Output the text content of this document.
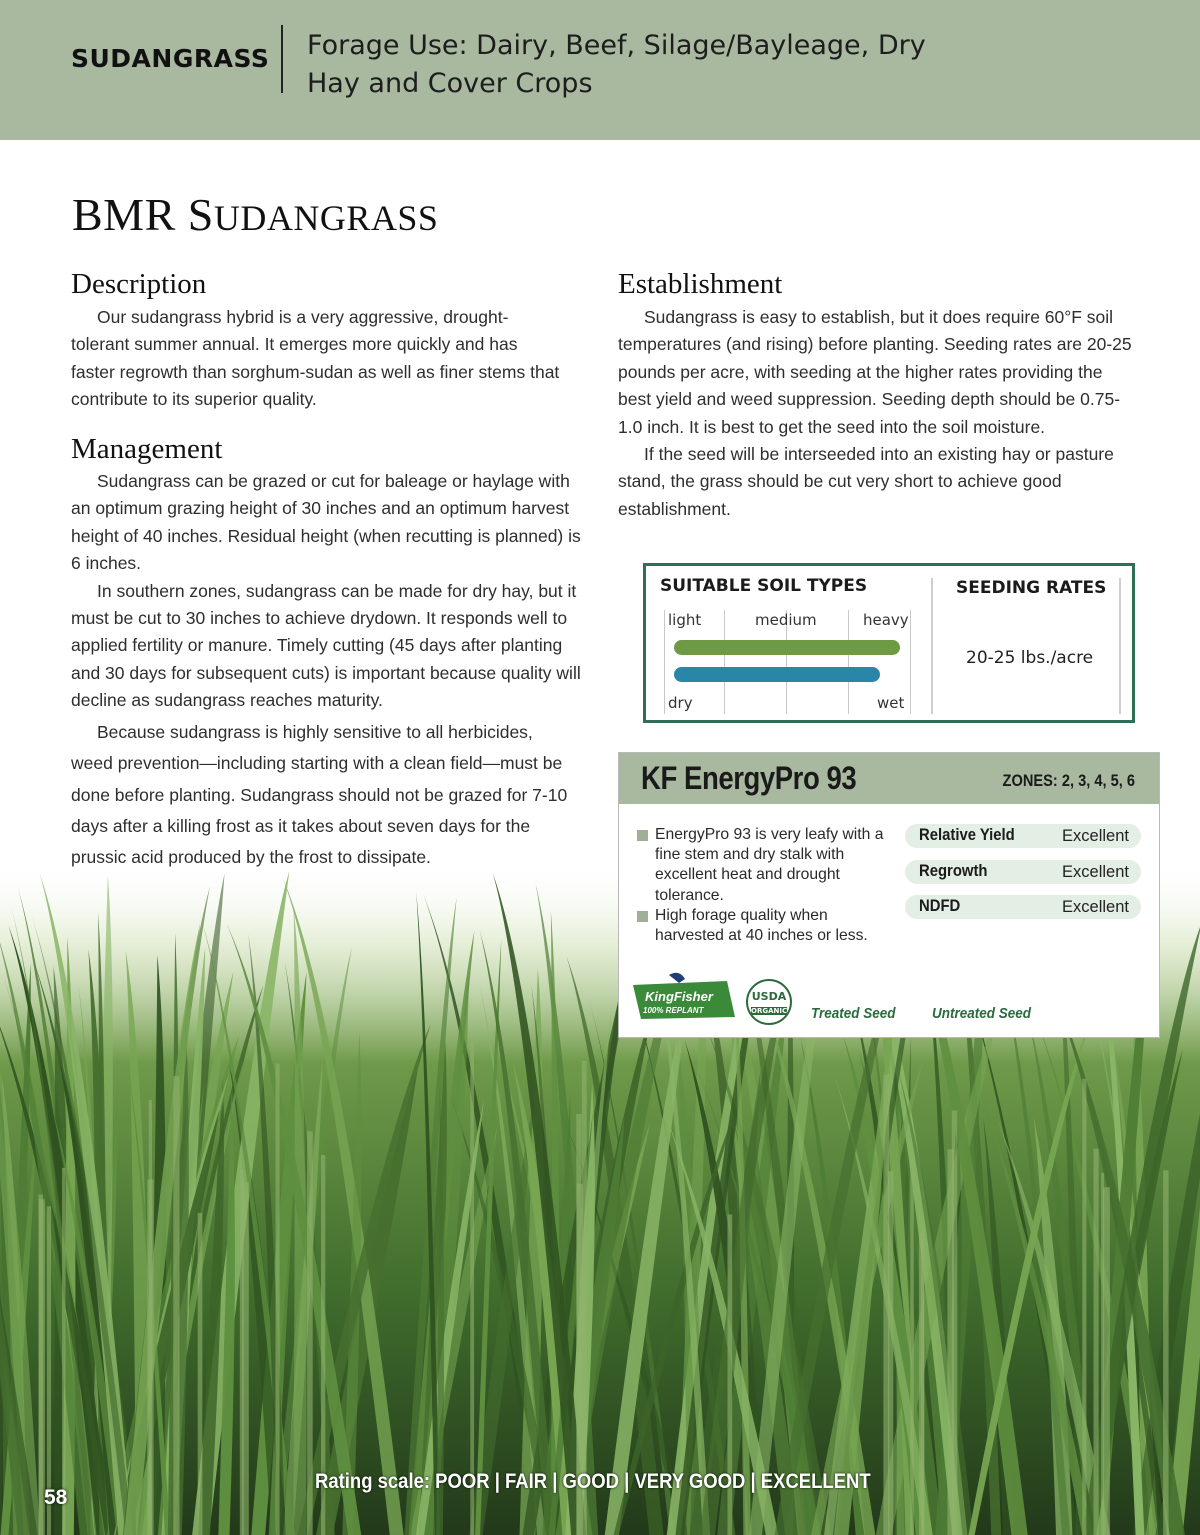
SUDANGRASS Forage Use: Dairy, Beef, Silage/Bayleage, Dry Hay and Cover Crops
BMR SUDANGRASS
Description

Our sudangrass hybrid is a very aggressive, drought-tolerant summer annual. It emerges more quickly and has faster regrowth than sorghum-sudan as well as finer stems that contribute to its superior quality.

Management

Sudangrass can be grazed or cut for baleage or haylage with an optimum grazing height of 30 inches and an optimum harvest height of 40 inches. Residual height (when recutting is planned) is 6 inches.

In southern zones, sudangrass can be made for dry hay, but it must be cut to 30 inches to achieve drydown. It responds well to applied fertility or manure. Timely cutting (45 days after planting and 30 days for subsequent cuts) is important because quality will decline as sudangrass reaches maturity.

Because sudangrass is highly sensitive to all herbicides, weed prevention—including starting with a clean field—must be done before planting. Sudangrass should not be grazed for 7-10 days after a killing frost as it takes about seven days for the prussic acid produced by the frost to dissipate.

Establishment

Sudangrass is easy to establish, but it does require 60°F soil temperatures (and rising) before planting. Seeding rates are 20-25 pounds per acre, with seeding at the higher rates providing the best yield and weed suppression. Seeding depth should be 0.75-1.0 inch. It is best to get the seed into the soil moisture.

If the seed will be interseeded into an existing hay or pasture stand, the grass should be cut very short to achieve good establishment.

SUITABLE SOIL TYPES	SEEDING RATES
light	medium	heavy
dry	wet
20-25 lbs./acre
KF EnergyPro 93	ZONES: 2, 3, 4, 5, 6
EnergyPro 93 is very leafy with a fine stem and dry stalk with excellent heat and drought tolerance.
High forage quality when harvested at 40 inches or less.
Relative Yield	Excellent
Regrowth	Excellent
NDFD	Excellent
KingFisher
100% REPLANT
USDA
ORGANIC Treated Seed Untreated Seed
Rating scale: POOR | FAIR | GOOD | VERY GOOD | EXCELLENT
58
